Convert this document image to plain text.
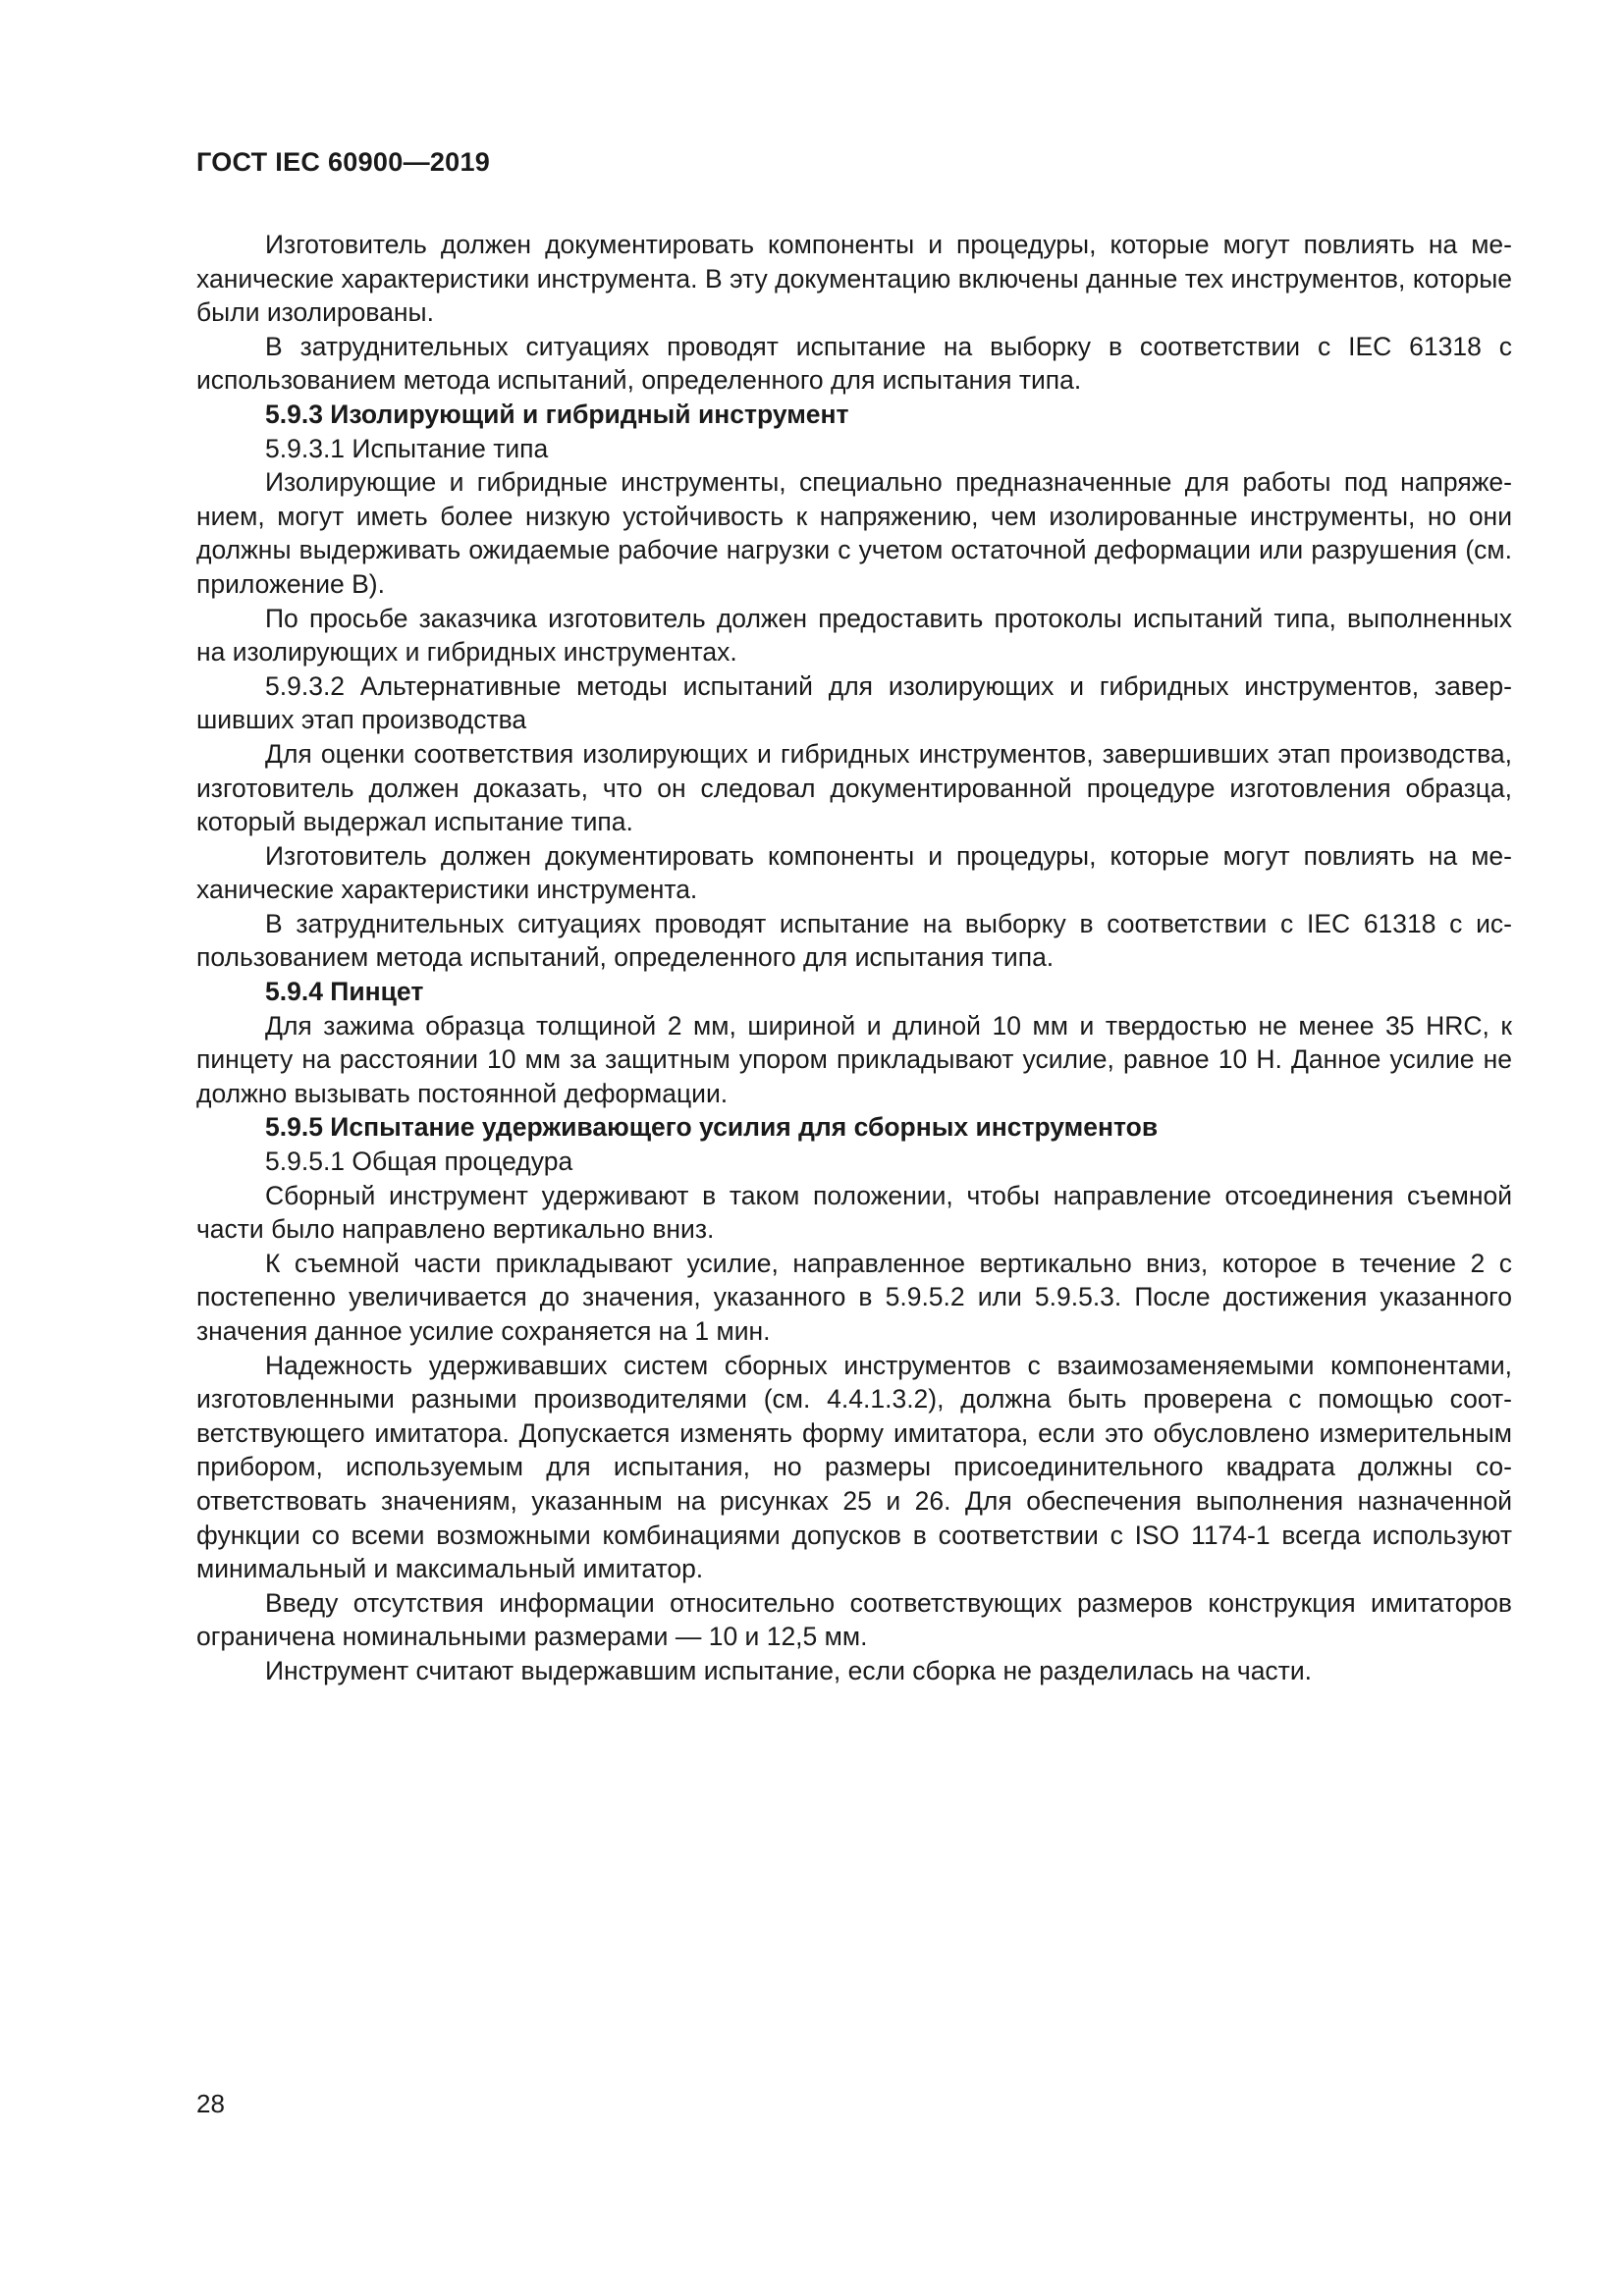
ГОСТ IEC 60900—2019

Изготовитель должен документировать компоненты и процедуры, которые могут повлиять на механические характеристики инструмента. В эту документацию включены данные тех инструментов, которые были изолированы.

В затруднительных ситуациях проводят испытание на выборку в соответствии с IEC 61318 с использованием метода испытаний, определенного для испытания типа.

5.9.3 Изолирующий и гибридный инструмент

5.9.3.1 Испытание типа

Изолирующие и гибридные инструменты, специально предназначенные для работы под напряжением, могут иметь более низкую устойчивость к напряжению, чем изолированные инструменты, но они должны выдерживать ожидаемые рабочие нагрузки с учетом остаточной деформации или разрушения (см. приложение В).

По просьбе заказчика изготовитель должен предоставить протоколы испытаний типа, выполненных на изолирующих и гибридных инструментах.

5.9.3.2 Альтернативные методы испытаний для изолирующих и гибридных инструментов, завершивших этап производства

Для оценки соответствия изолирующих и гибридных инструментов, завершивших этап производства, изготовитель должен доказать, что он следовал документированной процедуре изготовления образца, который выдержал испытание типа.

Изготовитель должен документировать компоненты и процедуры, которые могут повлиять на механические характеристики инструмента.

В затруднительных ситуациях проводят испытание на выборку в соответствии с IEC 61318 с использованием метода испытаний, определенного для испытания типа.

5.9.4 Пинцет

Для зажима образца толщиной 2 мм, шириной и длиной 10 мм и твердостью не менее 35 HRC, к пинцету на расстоянии 10 мм за защитным упором прикладывают усилие, равное 10 Н. Данное усилие не должно вызывать постоянной деформации.

5.9.5 Испытание удерживающего усилия для сборных инструментов

5.9.5.1 Общая процедура

Сборный инструмент удерживают в таком положении, чтобы направление отсоединения съемной части было направлено вертикально вниз.

К съемной части прикладывают усилие, направленное вертикально вниз, которое в течение 2 с постепенно увеличивается до значения, указанного в 5.9.5.2 или 5.9.5.3. После достижения указанного значения данное усилие сохраняется на 1 мин.

Надежность удерживавших систем сборных инструментов с взаимозаменяемыми компонентами, изготовленными разными производителями (см. 4.4.1.3.2), должна быть проверена с помощью соответствующего имитатора. Допускается изменять форму имитатора, если это обусловлено измерительным прибором, используемым для испытания, но размеры присоединительного квадрата должны соответствовать значениям, указанным на рисунках 25 и 26. Для обеспечения выполнения назначенной функции со всеми возможными комбинациями допусков в соответствии с ISO 1174-1 всегда используют минимальный и максимальный имитатор.

Введу отсутствия информации относительно соответствующих размеров конструкция имитаторов ограничена номинальными размерами — 10 и 12,5 мм.

Инструмент считают выдержавшим испытание, если сборка не разделилась на части.

28
